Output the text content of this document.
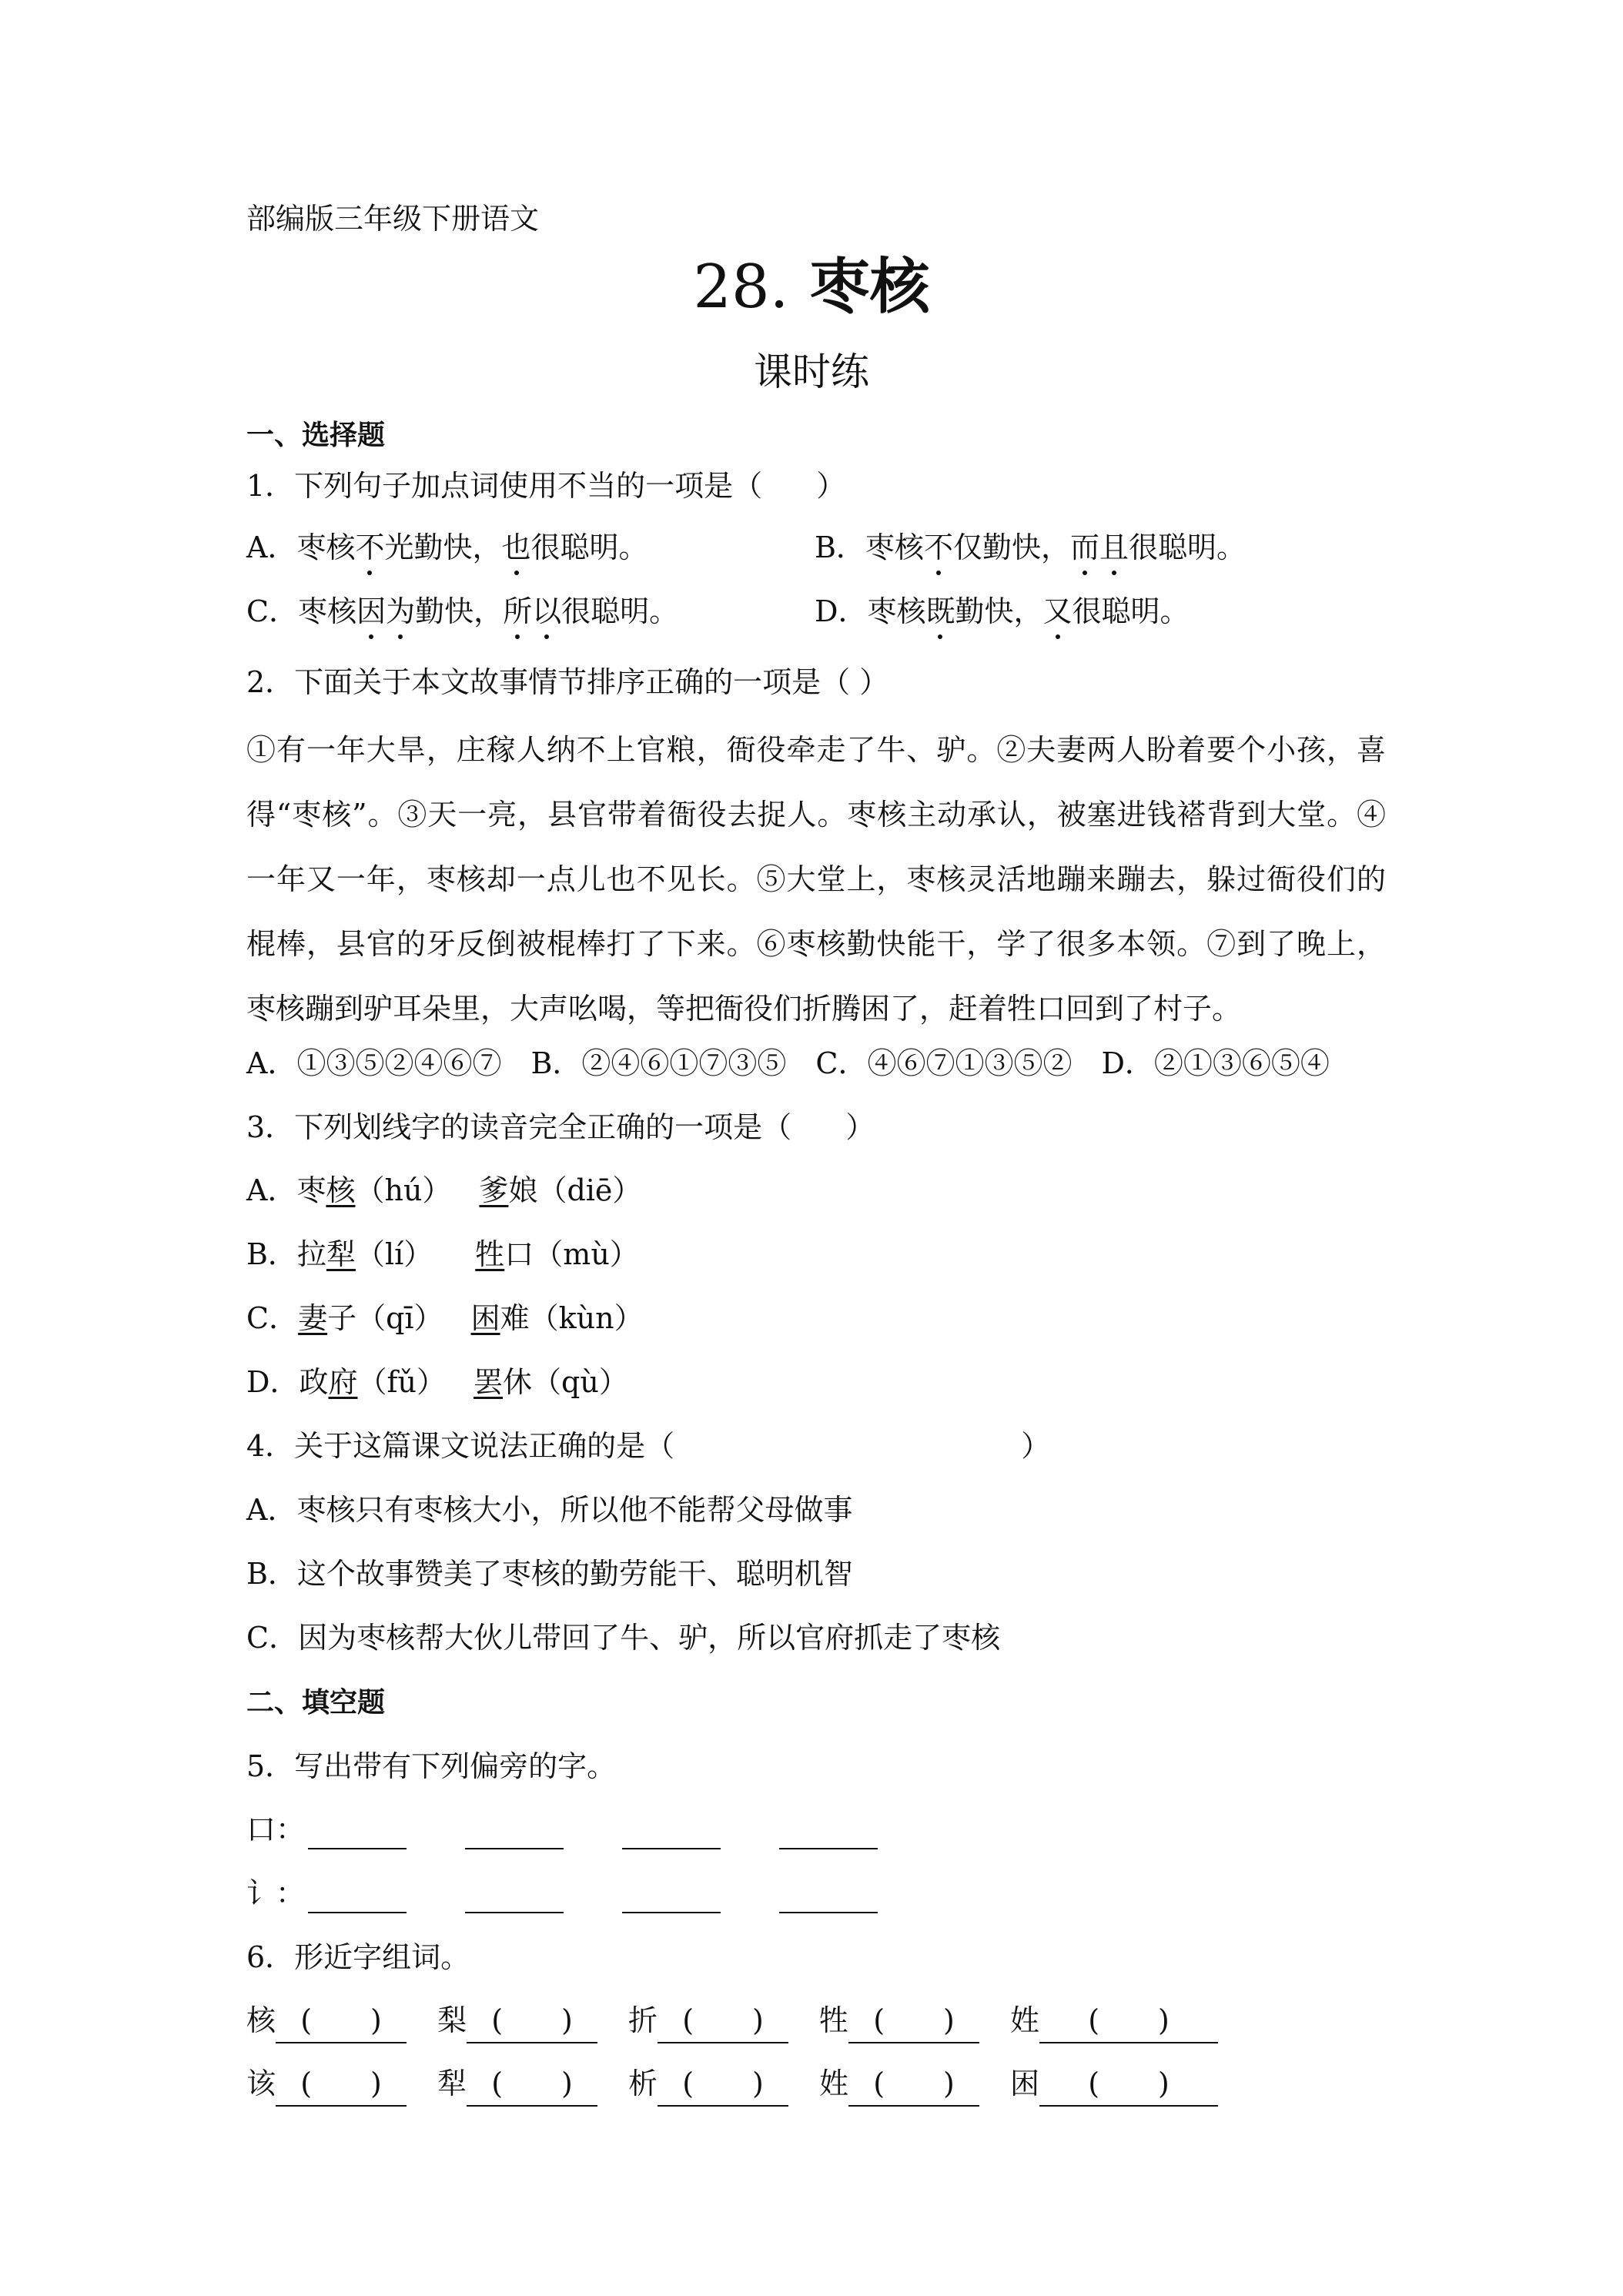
部编版三年级下册语文
28. 枣核
课时练
一、选择题
1．下列句子加点词使用不当的一项是（ ）
A．枣核不光勤快，也很聪明。	B．枣核不仅勤快，而且很聪明。
C．枣核因为勤快，所以很聪明。	D．枣核既勤快，又很聪明。
2．下面关于本文故事情节排序正确的一项是（ ）
①有一年大旱，庄稼人纳不上官粮，衙役牵走了牛、驴。②夫妻两人盼着要个小孩，喜得“枣核”。③天一亮，县官带着衙役去捉人。枣核主动承认，被塞进钱褡背到大堂。④一年又一年，枣核却一点儿也不见长。⑤大堂上，枣核灵活地蹦来蹦去，躲过衙役们的棍棒，县官的牙反倒被棍棒打了下来。⑥枣核勤快能干，学了很多本领。⑦到了晚上，枣核蹦到驴耳朵里，大声吆喝，等把衙役们折腾困了，赶着牲口回到了村子。
A．①③⑤②④⑥⑦　B．②④⑥①⑦③⑤　C．④⑥⑦①③⑤②　D．②①③⑥⑤④
3．下列划线字的读音完全正确的一项是（ ）
A．枣核（hú） 爹娘（diē）
B．拉犁（lí）　牲口（mù）
C．妻子（qī） 困难（kùn）
D．政府（fǔ） 罢休（qù）
4．关于这篇课文说法正确的是（	）
A．枣核只有枣核大小，所以他不能帮父母做事
B．这个故事赞美了枣核的勤劳能干、聪明机智
C．因为枣核帮大伙儿带回了牛、驴，所以官府抓走了枣核
二、填空题
5．写出带有下列偏旁的字。
口：
讠：
6．形近字组词。
核 (　　) 梨 (　　) 折 (　　) 牲 (　　) 姓 (　　)
该 (　　) 犁 (　　) 析 (　　) 姓 (　　) 困 (　　)
